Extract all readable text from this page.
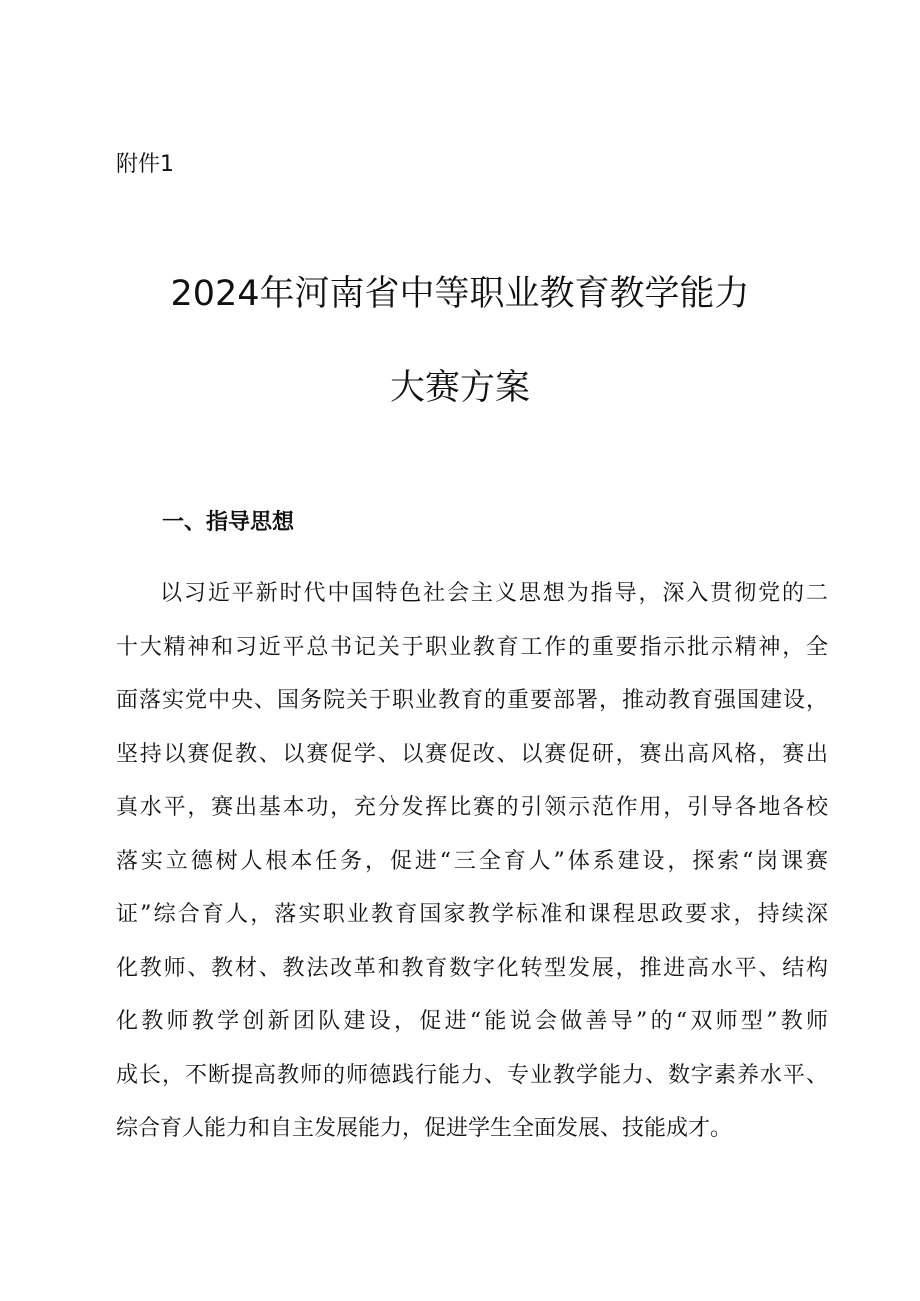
附件1

2024年河南省中等职业教育教学能力
大赛方案
一、指导思想
以习近平新时代中国特色社会主义思想为指导，深入贯彻党的二
十大精神和习近平总书记关于职业教育工作的重要指示批示精神，全
面落实党中央、国务院关于职业教育的重要部署，推动教育强国建设，
坚持以赛促教、以赛促学、以赛促改、以赛促研，赛出高风格，赛出
真水平，赛出基本功，充分发挥比赛的引领示范作用，引导各地各校
落实立德树人根本任务，促进“三全育人”体系建设，探索“岗课赛
证”综合育人，落实职业教育国家教学标准和课程思政要求，持续深
化教师、教材、教法改革和教育数字化转型发展，推进高水平、结构
化教师教学创新团队建设，促进“能说会做善导”的“双师型”教师
成长，不断提高教师的师德践行能力、专业教学能力、数字素养水平、
综合育人能力和自主发展能力，促进学生全面发展、技能成才。
